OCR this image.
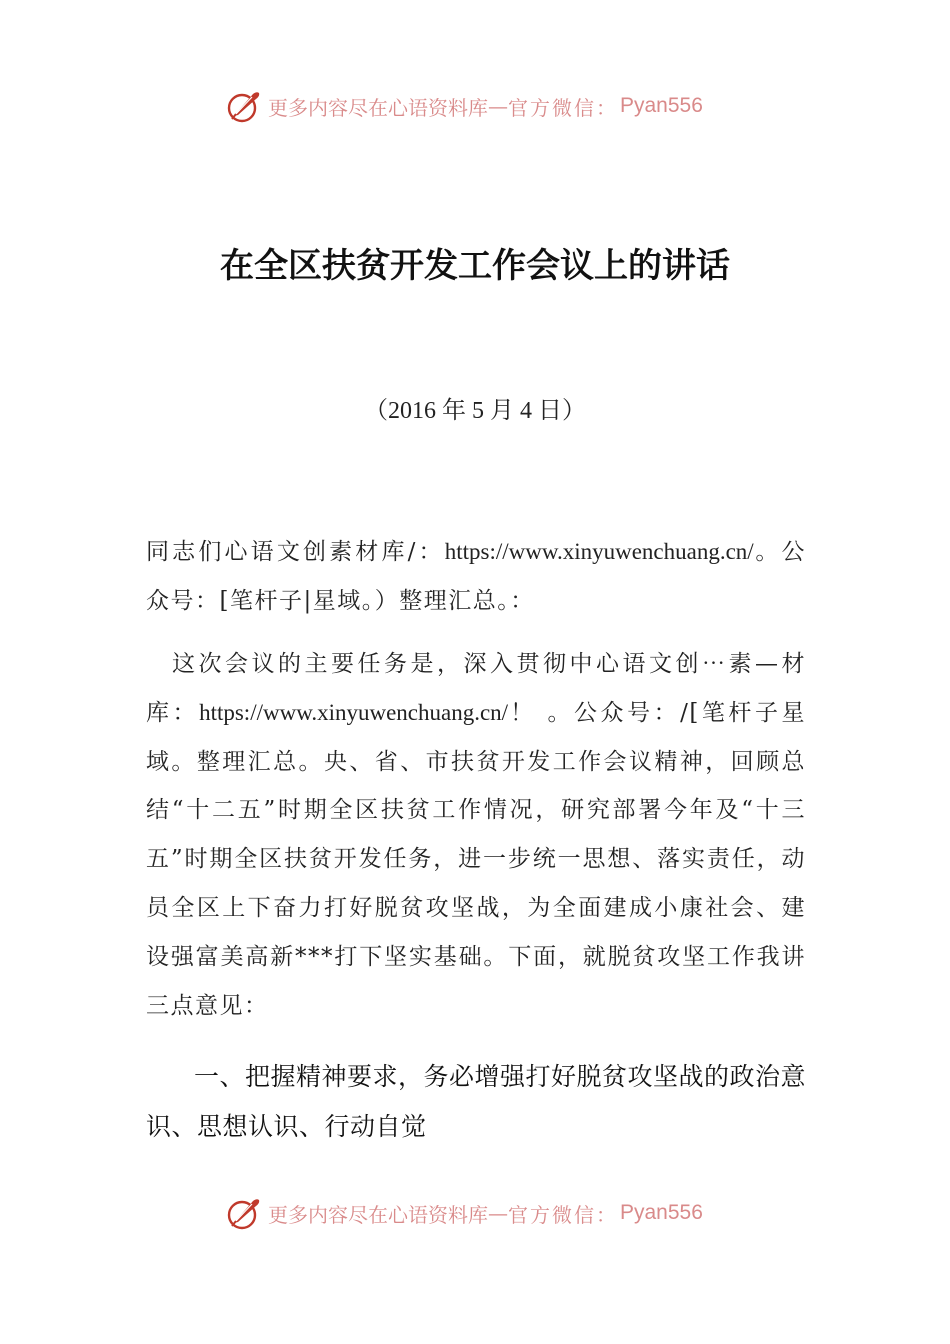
更多内容尽在心语资料库 — 官方微信： Pyan556
在全区扶贫开发工作会议上的讲话
（2016 年 5 月 4 日）
同志们心语文创素材库/：https://www.xinyuwenchuang.cn/。公众号：[笔杆子|星域。）整理汇总。：
这次会议的主要任务是，深入贯彻中心语文创⋯素—材库：https://www.xinyuwenchuang.cn/！ 。公众号：/[笔杆子星域。整理汇总。央、省、市扶贫开发工作会议精神，回顾总结“十二五”时期全区扶贫工作情况，研究部署今年及“十三五”时期全区扶贫开发任务，进一步统一思想、落实责任，动员全区上下奋力打好脱贫攻坚战，为全面建成小康社会、建设强富美高新***打下坚实基础。下面，就脱贫攻坚工作我讲三点意见：
一、把握精神要求，务必增强打好脱贫攻坚战的政治意识、思想认识、行动自觉
更多内容尽在心语资料库 — 官方微信： Pyan556
